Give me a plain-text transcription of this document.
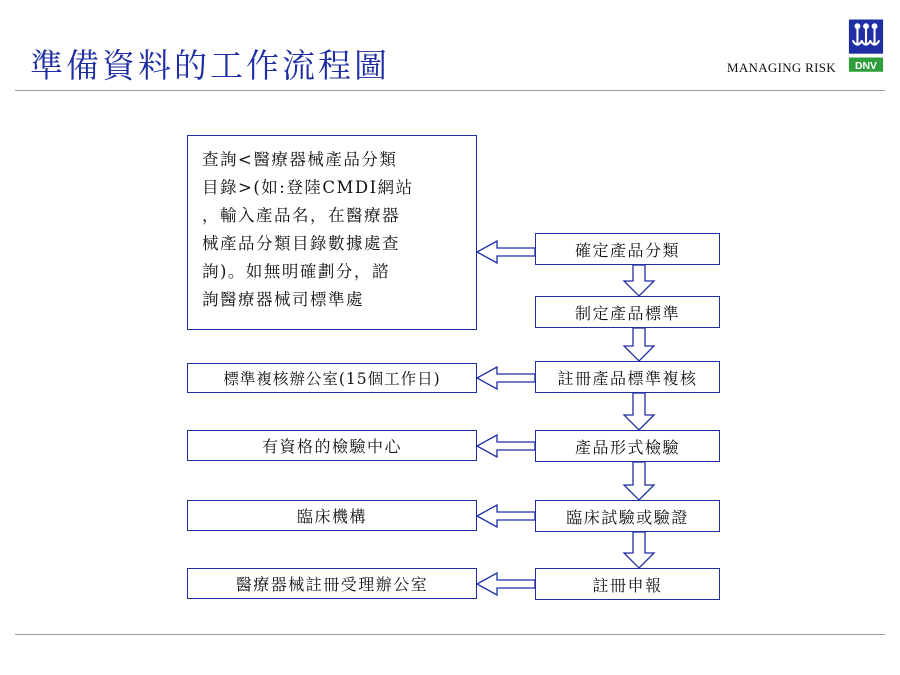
準備資料的工作流程圖	MANAGING RISK DNV
查詢<醫療器械產品分類
目錄>(如:登陸CMDI網站
，輸入產品名，在醫療器
械產品分類目錄數據處查
詢)。如無明確劃分，諮
詢醫療器械司標準處
確定產品分類
制定產品標準
註冊產品標準複核
產品形式檢驗
臨床試驗或驗證
註冊申報
標準複核辦公室(15個工作日)
有資格的檢驗中心
臨床機構
醫療器械註冊受理辦公室
